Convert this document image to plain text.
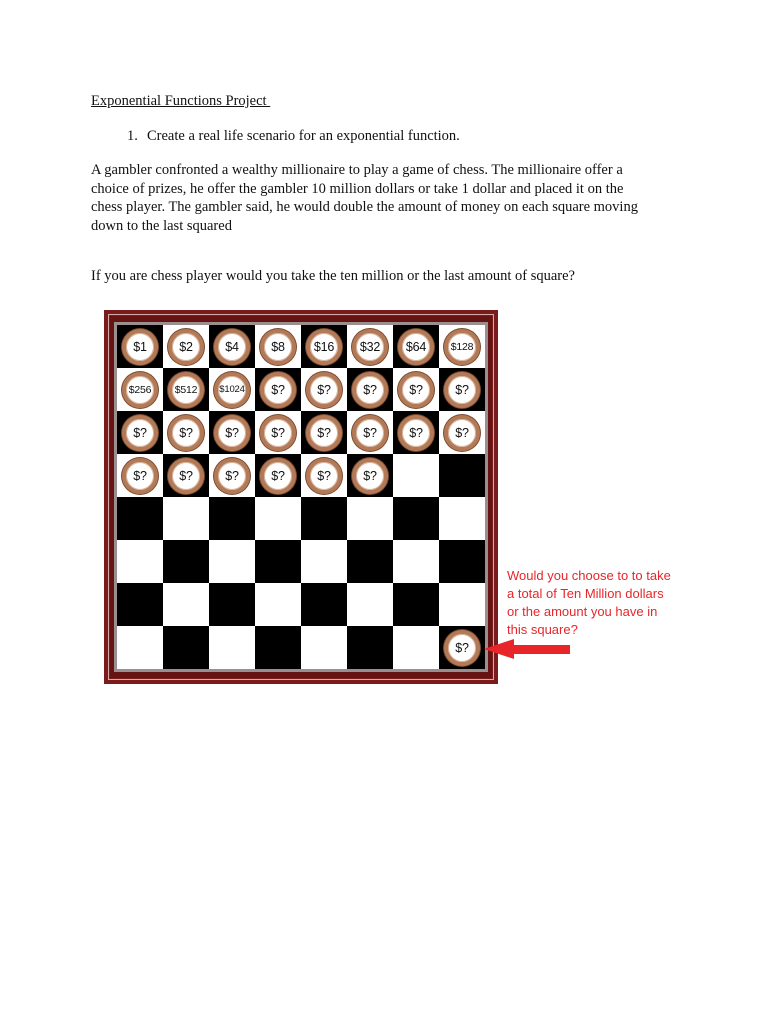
Exponential Functions Project
1. Create a real life scenario for an exponential function.
A gambler confronted a wealthy millionaire to play a game of chess. The millionaire offer a
choice of prizes, he offer the gambler 10 million dollars or take 1 dollar and placed it on the
chess player. The gambler said, he would double the amount of money on each square moving
down to the last squared
If you are chess player would you take the ten million or the last amount of square?
$1	$2	$4	$8 $16 $32 $64 $128
$256 $512 $1024 $?	$?	$?	$?	$?
$?	$?	$?	$?	$?	$?	$?	$?
$?	$?	$?	$?	$?	$?
$?
Would you choose to to take
a total of Ten Million dollars
or the amount you have in
this square?
